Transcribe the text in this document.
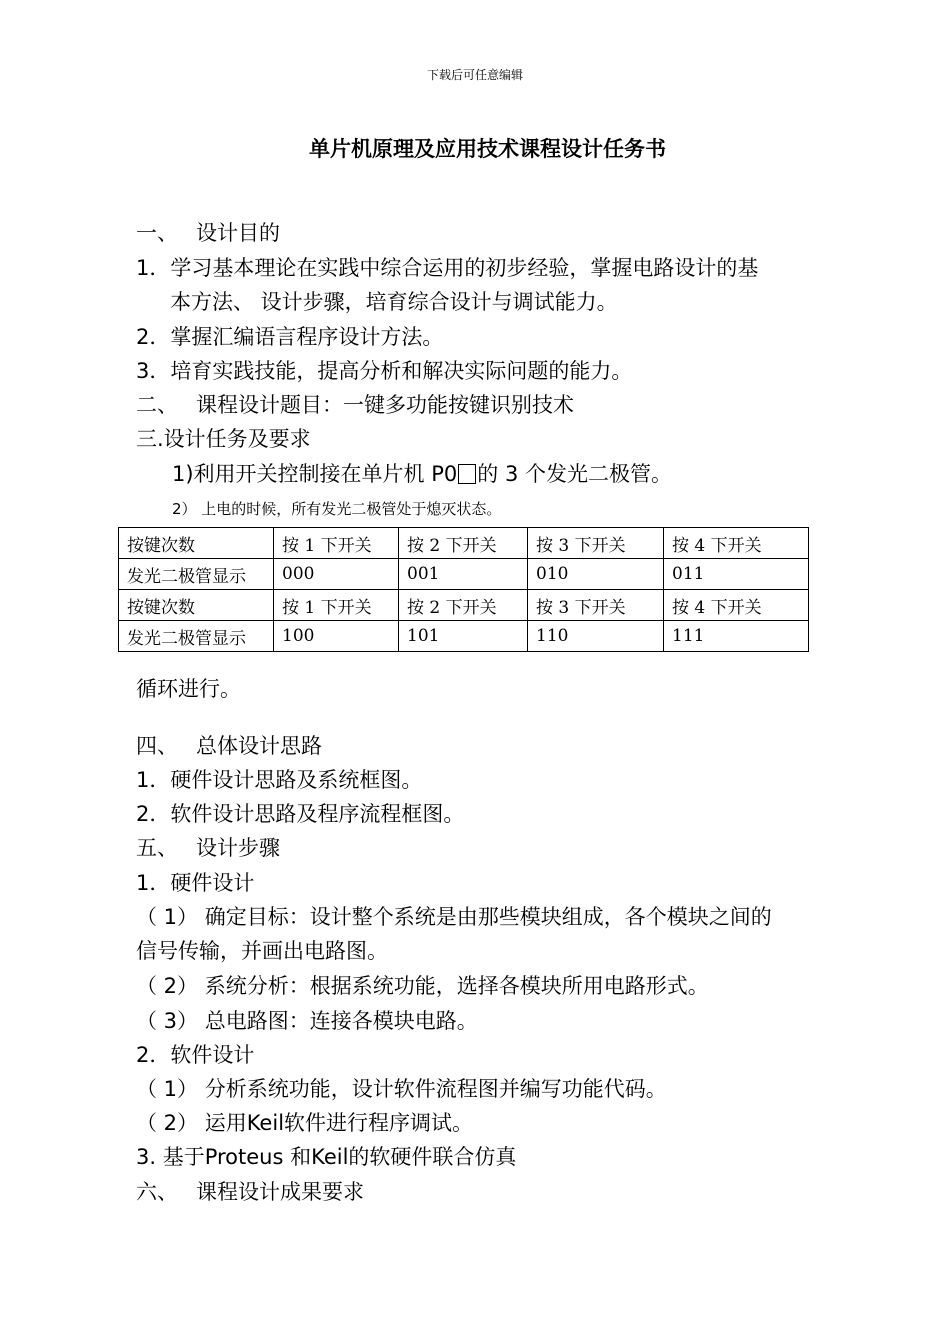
下载后可任意编辑
单片机原理及应用技术课程设计任务书
一、 设计目的
1．学习基本理论在实践中综合运用的初步经验，掌握电路设计的基
本方法、 设计步骤，培育综合设计与调试能力。
2．掌握汇编语言程序设计方法。
3．培育实践技能，提高分析和解决实际问题的能力。
二、 课程设计题目：一键多功能按键识别技术
三.设计任务及要求
1)利用开关控制接在单片机 P0 的 3 个发光二极管。
2） 上电的时候，所有发光二极管处于熄灭状态。
按键次数	按 1 下开关	按 2 下开关	按 3 下开关	按 4 下开关
发光二极管显示	000	001	010	011
按键次数	按 1 下开关	按 2 下开关	按 3 下开关	按 4 下开关
发光二极管显示	100	101	110	111
循环进行。
四、 总体设计思路
1．硬件设计思路及系统框图。
2．软件设计思路及程序流程框图。
五、 设计步骤
1．硬件设计
（ 1） 确定目标：设计整个系统是由那些模块组成，各个模块之间的
信号传输，并画出电路图。
（ 2） 系统分析：根据系统功能，选择各模块所用电路形式。
（ 3） 总电路图：连接各模块电路。
2．软件设计
（ 1） 分析系统功能，设计软件流程图并编写功能代码。
（ 2） 运用Keil软件进行程序调试。
3. 基于Proteus 和Keil的软硬件联合仿真
六、 课程设计成果要求
